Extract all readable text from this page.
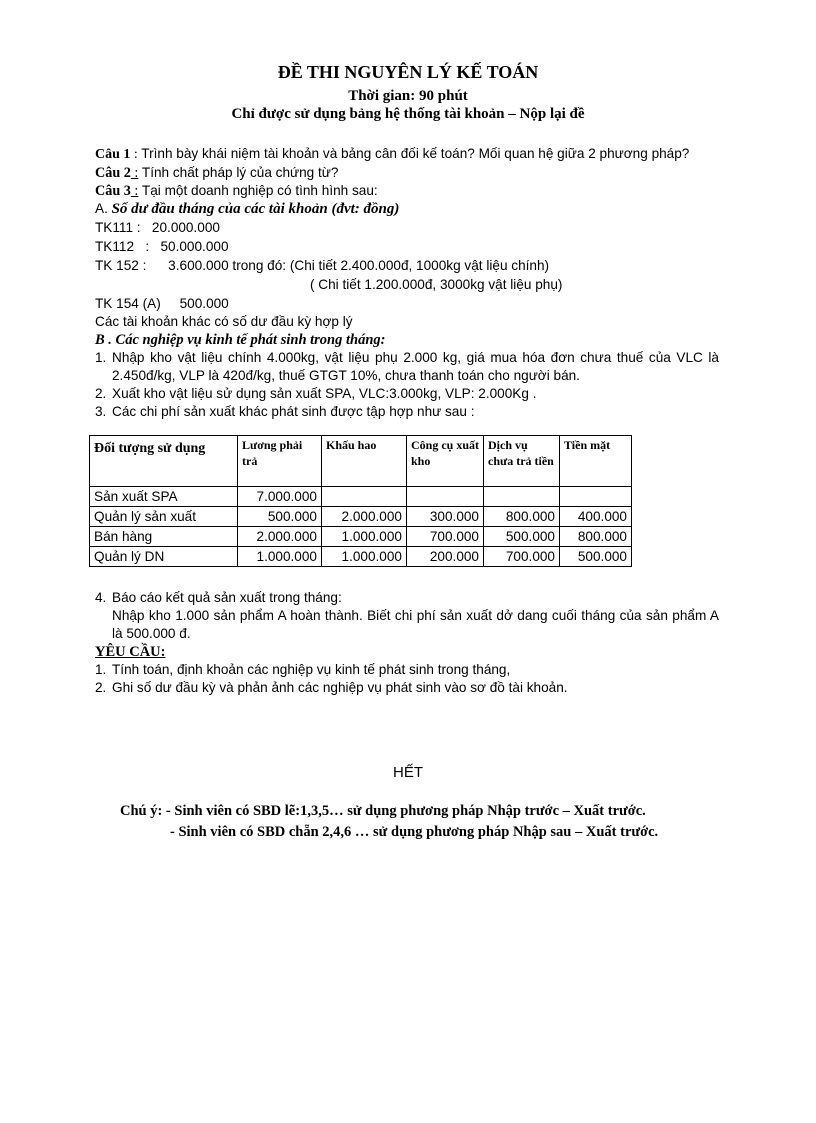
ĐỀ THI NGUYÊN LÝ KẾ TOÁN
Thời gian: 90 phút
Chỉ được sử dụng bảng hệ thống tài khoản – Nộp lại đề
Câu 1 : Trình bày khái niệm tài khoản và bảng cân đối kế toán? Mối quan hệ giữa 2 phương pháp?
Câu 2 : Tính chất pháp lý của chứng từ?
Câu 3 : Tại một doanh nghiệp có tình hình sau:
A. Số dư đầu tháng của các tài khoản (đvt: đồng)
TK111 :   20.000.000
TK112   :   50.000.000
TK 152 : 3.600.000 trong đó: (Chi tiết 2.400.000đ, 1000kg vật liệu chính)
( Chi tiết 1.200.000đ, 3000kg vật liệu phụ)
TK 154 (A)     500.000
Các tài khoản khác có số dư đầu kỳ hợp lý
B . Các nghiệp vụ kinh tế phát sinh trong tháng:
1. Nhập kho vật liệu chính 4.000kg, vật liệu phụ 2.000 kg, giá mua hóa đơn chưa thuế của VLC là 2.450đ/kg, VLP là 420đ/kg, thuế GTGT 10%, chưa thanh toán cho người bán.
2. Xuất kho vật liệu sử dụng sản xuất SPA, VLC:3.000kg, VLP: 2.000Kg .
3. Các chi phí sản xuất khác phát sinh được tập hợp như sau :
Đối tượng sử dụng	Lương phải trả	Khấu hao	Công cụ xuất kho	Dịch vụ chưa trả tiền	Tiền mặt
Sản xuất SPA	7.000.000				
Quản lý sản xuất	500.000	2.000.000	300.000	800.000	400.000
Bán hàng	2.000.000	1.000.000	700.000	500.000	800.000
Quản lý DN	1.000.000	1.000.000	200.000	700.000	500.000
4. Báo cáo kết quả sản xuất trong tháng:
Nhập kho 1.000 sản phẩm A hoàn thành. Biết chi phí sản xuất dở dang cuối tháng của sản phẩm A là 500.000 đ.
YÊU CẦU:
1. Tính toán, định khoản các nghiệp vụ kinh tế phát sinh trong tháng,
2. Ghi số dư đầu kỳ và phản ảnh các nghiệp vụ phát sinh vào sơ đồ tài khoản.
HẾT
Chú ý: - Sinh viên có SBD lẽ:1,3,5… sử dụng phương pháp Nhập trước – Xuất trước.
- Sinh viên có SBD chẵn 2,4,6 … sử dụng phương pháp Nhập sau – Xuất trước.
